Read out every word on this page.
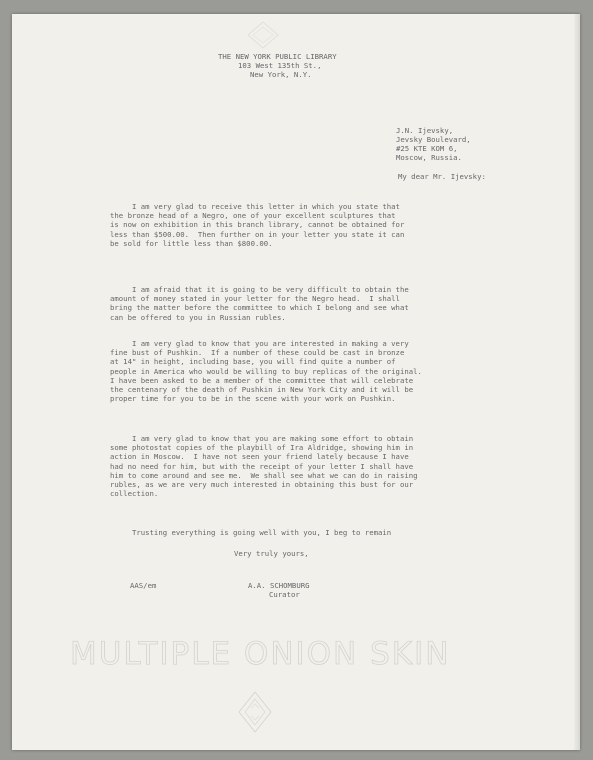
THE NEW YORK PUBLIC LIBRARY
103 West 135th St.,
New York, N.Y.
J.N. Ijevsky,
Jevsky Boulevard,
#25 KTE KOM 6,
Moscow, Russia.
My dear Mr. Ijevsky:
I am very glad to receive this letter in which you state that
the bronze head of a Negro, one of your excellent sculptures that
is now on exhibition in this branch library, cannot be obtained for
less than $500.00.  Then further on in your letter you state it can
be sold for little less than $800.00.
I am afraid that it is going to be very difficult to obtain the
amount of money stated in your letter for the Negro head.  I shall
bring the matter before the committee to which I belong and see what
can be offered to you in Russian rubles.
I am very glad to know that you are interested in making a very
fine bust of Pushkin.  If a number of these could be cast in bronze
at 14" in height, including base, you will find quite a number of
people in America who would be willing to buy replicas of the original.
I have been asked to be a member of the committee that will celebrate
the centenary of the death of Pushkin in New York City and it will be
proper time for you to be in the scene with your work on Pushkin.
I am very glad to know that you are making some effort to obtain
some photostat copies of the playbill of Ira Aldridge, showing him in
action in Moscow.  I have not seen your friend lately because I have
had no need for him, but with the receipt of your letter I shall have
him to come around and see me.  We shall see what we can do in raising
rubles, as we are very much interested in obtaining this bust for our
collection.
Trusting everything is going well with you, I beg to remain
Very truly yours,
AAS/em	A.A. SCHOMBURG
Curator
MULTIPLE ONION SKIN
